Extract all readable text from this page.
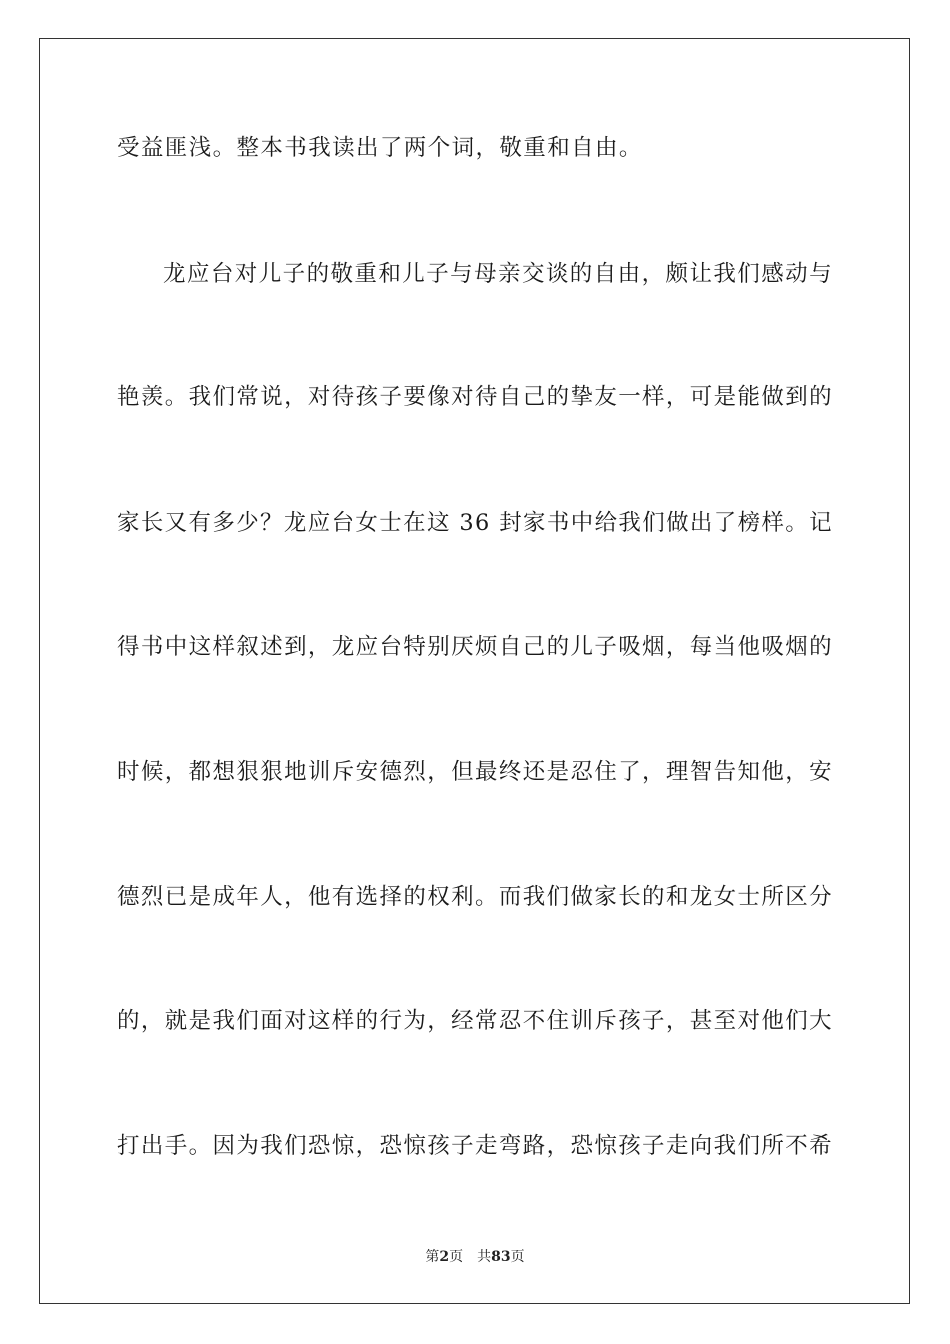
受益匪浅。整本书我读出了两个词，敬重和自由。
龙应台对儿子的敬重和儿子与母亲交谈的自由，颇让我们感动与
艳羡。我们常说，对待孩子要像对待自己的挚友一样，可是能做到的
家长又有多少？龙应台女士在这 36 封家书中给我们做出了榜样。记
得书中这样叙述到，龙应台特别厌烦自己的儿子吸烟，每当他吸烟的
时候，都想狠狠地训斥安德烈，但最终还是忍住了，理智告知他，安
德烈已是成年人，他有选择的权利。而我们做家长的和龙女士所区分
的，就是我们面对这样的行为，经常忍不住训斥孩子，甚至对他们大
打出手。因为我们恐惊，恐惊孩子走弯路，恐惊孩子走向我们所不希
第2页 共83页
